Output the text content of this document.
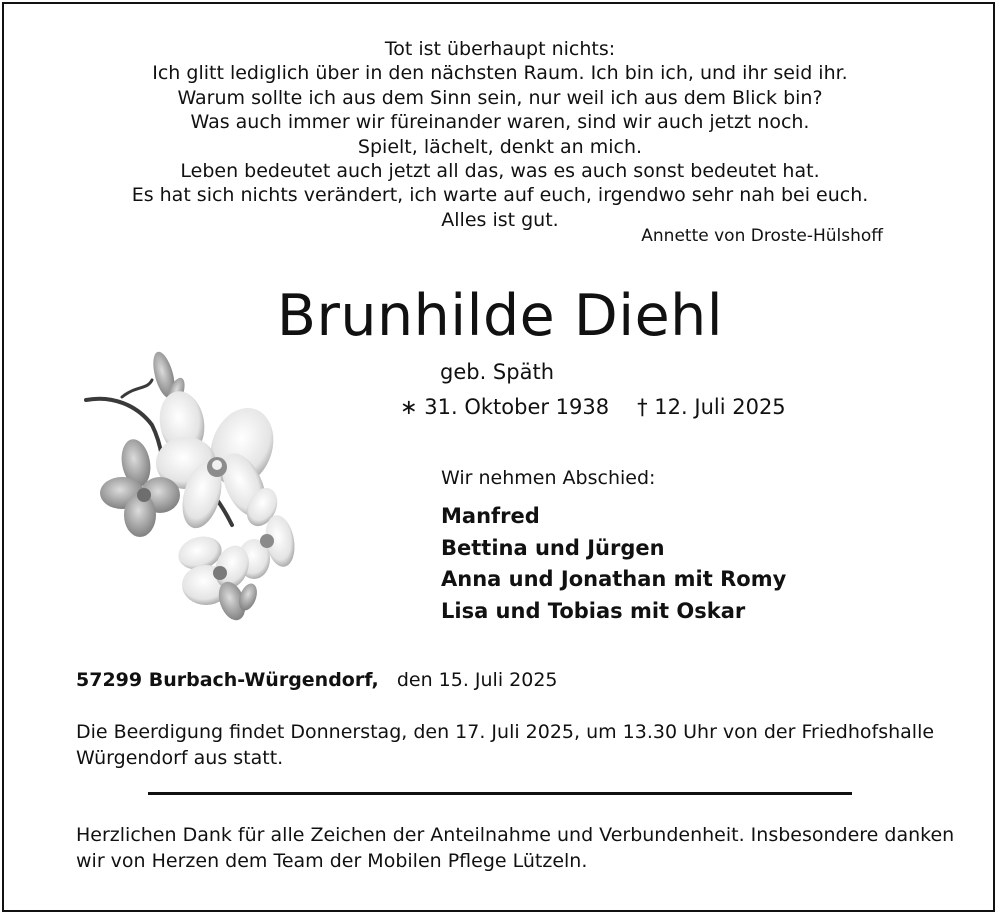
Tot ist überhaupt nichts:
Ich glitt lediglich über in den nächsten Raum. Ich bin ich, und ihr seid ihr.
Warum sollte ich aus dem Sinn sein, nur weil ich aus dem Blick bin?
Was auch immer wir füreinander waren, sind wir auch jetzt noch.
Spielt, lächelt, denkt an mich.
Leben bedeutet auch jetzt all das, was es auch sonst bedeutet hat.
Es hat sich nichts verändert, ich warte auf euch, irgendwo sehr nah bei euch.
Alles ist gut.
Annette von Droste-Hülshoff
Brunhilde Diehl
geb. Späth
∗ 31. Oktober 1938 † 12. Juli 2025
Wir nehmen Abschied:
Manfred
Bettina und Jürgen
Anna und Jonathan mit Romy
Lisa und Tobias mit Oskar
57299 Burbach-Würgendorf, den 15. Juli 2025
Die Beerdigung findet Donnerstag, den 17. Juli 2025, um 13.30 Uhr von der Friedhofshalle Würgendorf aus statt.
Herzlichen Dank für alle Zeichen der Anteilnahme und Verbundenheit. Insbesondere danken wir von Herzen dem Team der Mobilen Pflege Lützeln.
